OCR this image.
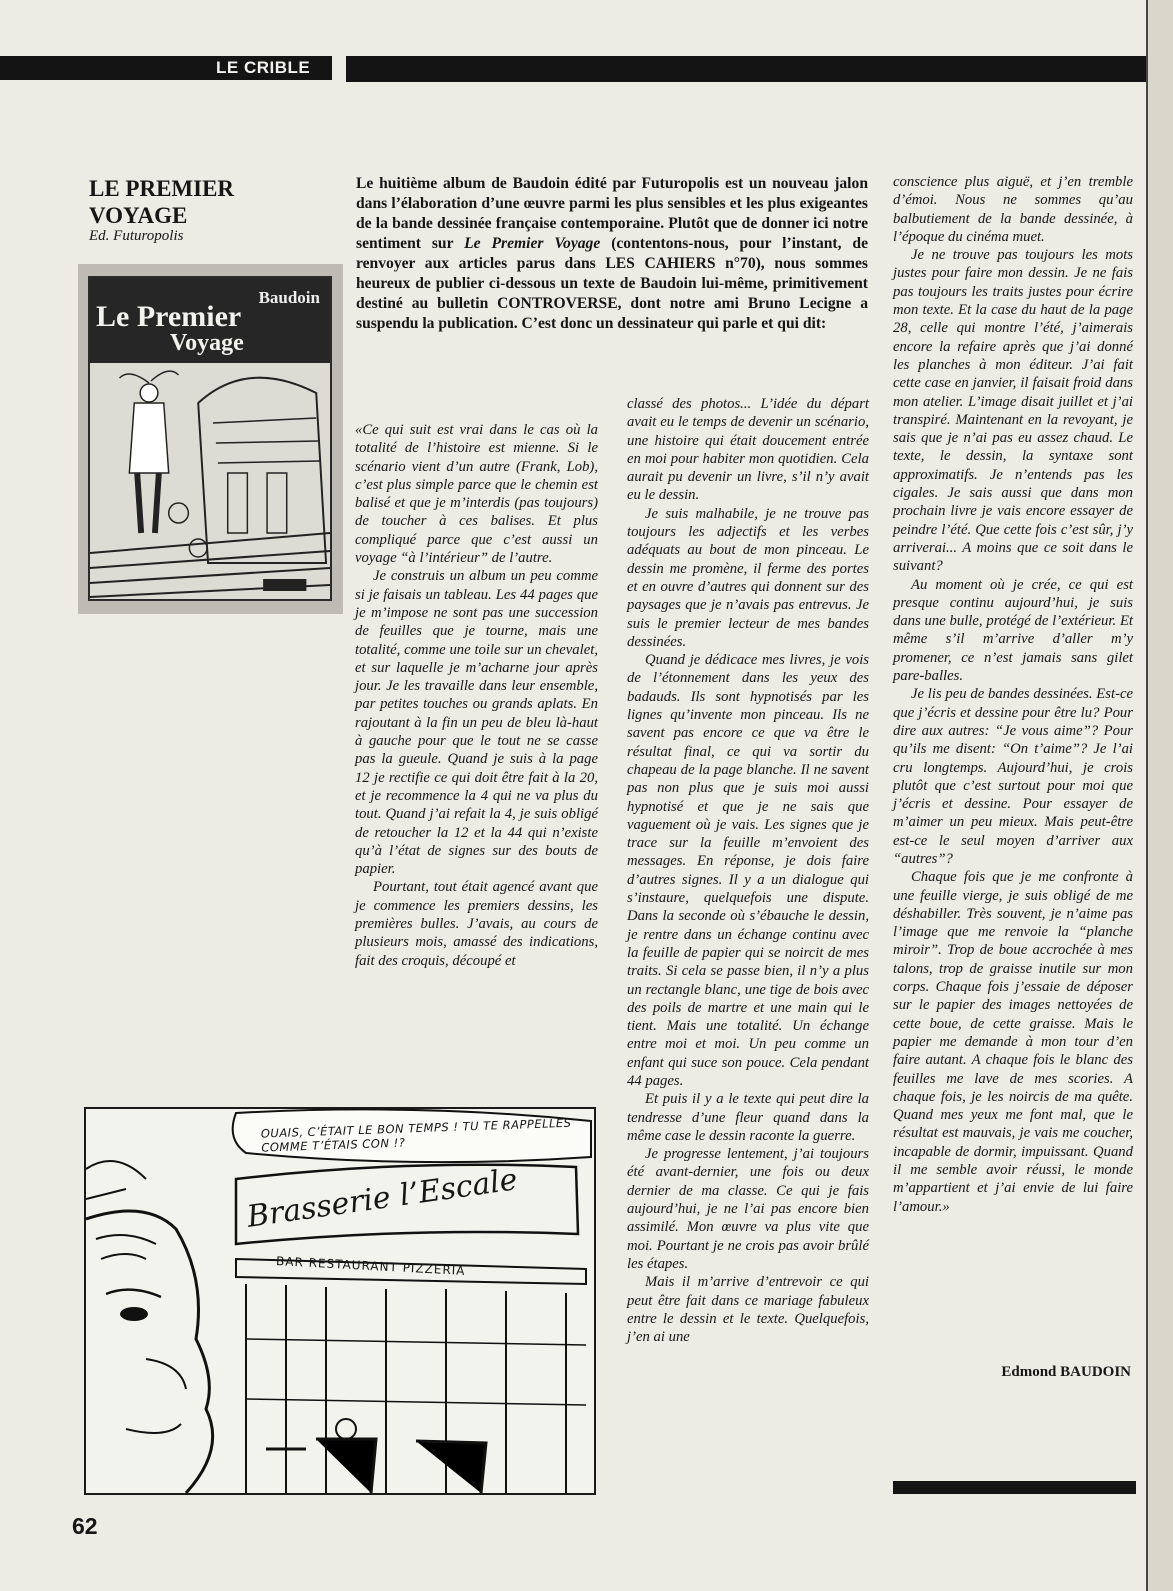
LE CRIBLE
LE PREMIER VOYAGE

Ed. Futuropolis

Baudoin
Le Premier
Voyage

Le huitième album de Baudoin édité par Futuropolis est un nouveau jalon dans l’élaboration d’une œuvre parmi les plus sensibles et les plus exigeantes de la bande dessinée française contemporaine. Plutôt que de donner ici notre sentiment sur Le Premier Voyage (contentons-nous, pour l’instant, de renvoyer aux articles parus dans LES CAHIERS n°70), nous sommes heureux de publier ci-dessous un texte de Baudoin lui-même, primitivement destiné au bulletin CONTROVERSE, dont notre ami Bruno Lecigne a suspendu la publication. C’est donc un dessinateur qui parle et qui dit:

«Ce qui suit est vrai dans le cas où la totalité de l’histoire est mienne. Si le scénario vient d’un autre (Frank, Lob), c’est plus simple parce que le chemin est balisé et que je m’interdis (pas toujours) de toucher à ces balises. Et plus compliqué parce que c’est aussi un voyage “à l’intérieur” de l’autre.

Je construis un album un peu comme si je faisais un tableau. Les 44 pages que je m’impose ne sont pas une succession de feuilles que je tourne, mais une totalité, comme une toile sur un chevalet, et sur laquelle je m’acharne jour après jour. Je les travaille dans leur ensemble, par petites touches ou grands aplats. En rajoutant à la fin un peu de bleu là-haut à gauche pour que le tout ne se casse pas la gueule. Quand je suis à la page 12 je rectifie ce qui doit être fait à la 20, et je recommence la 4 qui ne va plus du tout. Quand j’ai refait la 4, je suis obligé de retoucher la 12 et la 44 qui n’existe qu’à l’état de signes sur des bouts de papier.

Pourtant, tout était agencé avant que je commence les premiers dessins, les premières bulles. J’avais, au cours de plusieurs mois, amassé des indications, fait des croquis, découpé et

classé des photos... L’idée du départ avait eu le temps de devenir un scénario, une histoire qui était doucement entrée en moi pour habiter mon quotidien. Cela aurait pu devenir un livre, s’il n’y avait eu le dessin.

Je suis malhabile, je ne trouve pas toujours les adjectifs et les verbes adéquats au bout de mon pinceau. Le dessin me promène, il ferme des portes et en ouvre d’autres qui donnent sur des paysages que je n’avais pas entrevus. Je suis le premier lecteur de mes bandes dessinées.

Quand je dédicace mes livres, je vois de l’étonnement dans les yeux des badauds. Ils sont hypnotisés par les lignes qu’invente mon pinceau. Ils ne savent pas encore ce que va être le résultat final, ce qui va sortir du chapeau de la page blanche. Il ne savent pas non plus que je suis moi aussi hypnotisé et que je ne sais que vaguement où je vais. Les signes que je trace sur la feuille m’envoient des messages. En réponse, je dois faire d’autres signes. Il y a un dialogue qui s’instaure, quelquefois une dispute. Dans la seconde où s’ébauche le dessin, je rentre dans un échange continu avec la feuille de papier qui se noircit de mes traits. Si cela se passe bien, il n’y a plus un rectangle blanc, une tige de bois avec des poils de martre et une main qui le tient. Mais une totalité. Un échange entre moi et moi. Un peu comme un enfant qui suce son pouce. Cela pendant 44 pages.

Et puis il y a le texte qui peut dire la tendresse d’une fleur quand dans la même case le dessin raconte la guerre.

Je progresse lentement, j’ai toujours été avant-dernier, une fois ou deux dernier de ma classe. Ce qui je fais aujourd’hui, je ne l’ai pas encore bien assimilé. Mon œuvre va plus vite que moi. Pourtant je ne crois pas avoir brûlé les étapes.

Mais il m’arrive d’entrevoir ce qui peut être fait dans ce mariage fabuleux entre le dessin et le texte. Quelquefois, j’en ai une

conscience plus aiguë, et j’en tremble d’émoi. Nous ne sommes qu’au balbutiement de la bande dessinée, à l’époque du cinéma muet.

Je ne trouve pas toujours les mots justes pour faire mon dessin. Je ne fais pas toujours les traits justes pour écrire mon texte. Et la case du haut de la page 28, celle qui montre l’été, j’aimerais encore la refaire après que j’ai donné les planches à mon éditeur. J’ai fait cette case en janvier, il faisait froid dans mon atelier. L’image disait juillet et j’ai transpiré. Maintenant en la revoyant, je sais que je n’ai pas eu assez chaud. Le texte, le dessin, la syntaxe sont approximatifs. Je n’entends pas les cigales. Je sais aussi que dans mon prochain livre je vais encore essayer de peindre l’été. Que cette fois c’est sûr, j’y arriverai... A moins que ce soit dans le suivant?

Au moment où je crée, ce qui est presque continu aujourd’hui, je suis dans une bulle, protégé de l’extérieur. Et même s’il m’arrive d’aller m’y promener, ce n’est jamais sans gilet pare-balles.

Je lis peu de bandes dessinées. Est-ce que j’écris et dessine pour être lu? Pour dire aux autres: “Je vous aime”? Pour qu’ils me disent: “On t’aime”? Je l’ai cru longtemps. Aujourd’hui, je crois plutôt que c’est surtout pour moi que j’écris et dessine. Pour essayer de m’aimer un peu mieux. Mais peut-être est-ce le seul moyen d’arriver aux “autres”?

Chaque fois que je me confronte à une feuille vierge, je suis obligé de me déshabiller. Très souvent, je n’aime pas l’image que me renvoie la “planche miroir”. Trop de boue accrochée à mes talons, trop de graisse inutile sur mon corps. Chaque fois j’essaie de déposer sur le papier des images nettoyées de cette boue, de cette graisse. Mais le papier me demande à mon tour d’en faire autant. A chaque fois le blanc des feuilles me lave de mes scories. A chaque fois, je les noircis de ma quête. Quand mes yeux me font mal, que le résultat est mauvais, je vais me coucher, incapable de dormir, impuissant. Quand il me semble avoir réussi, le monde m’appartient et j’ai envie de lui faire l’amour.»

Edmond BAUDOIN

OUAIS, C’ÉTAIT LE BON TEMPS ! TU TE RAPPELLES COMME T’ÉTAIS CON !?
Brasserie l’Escale
BAR RESTAURANT PIZZERIA
62
